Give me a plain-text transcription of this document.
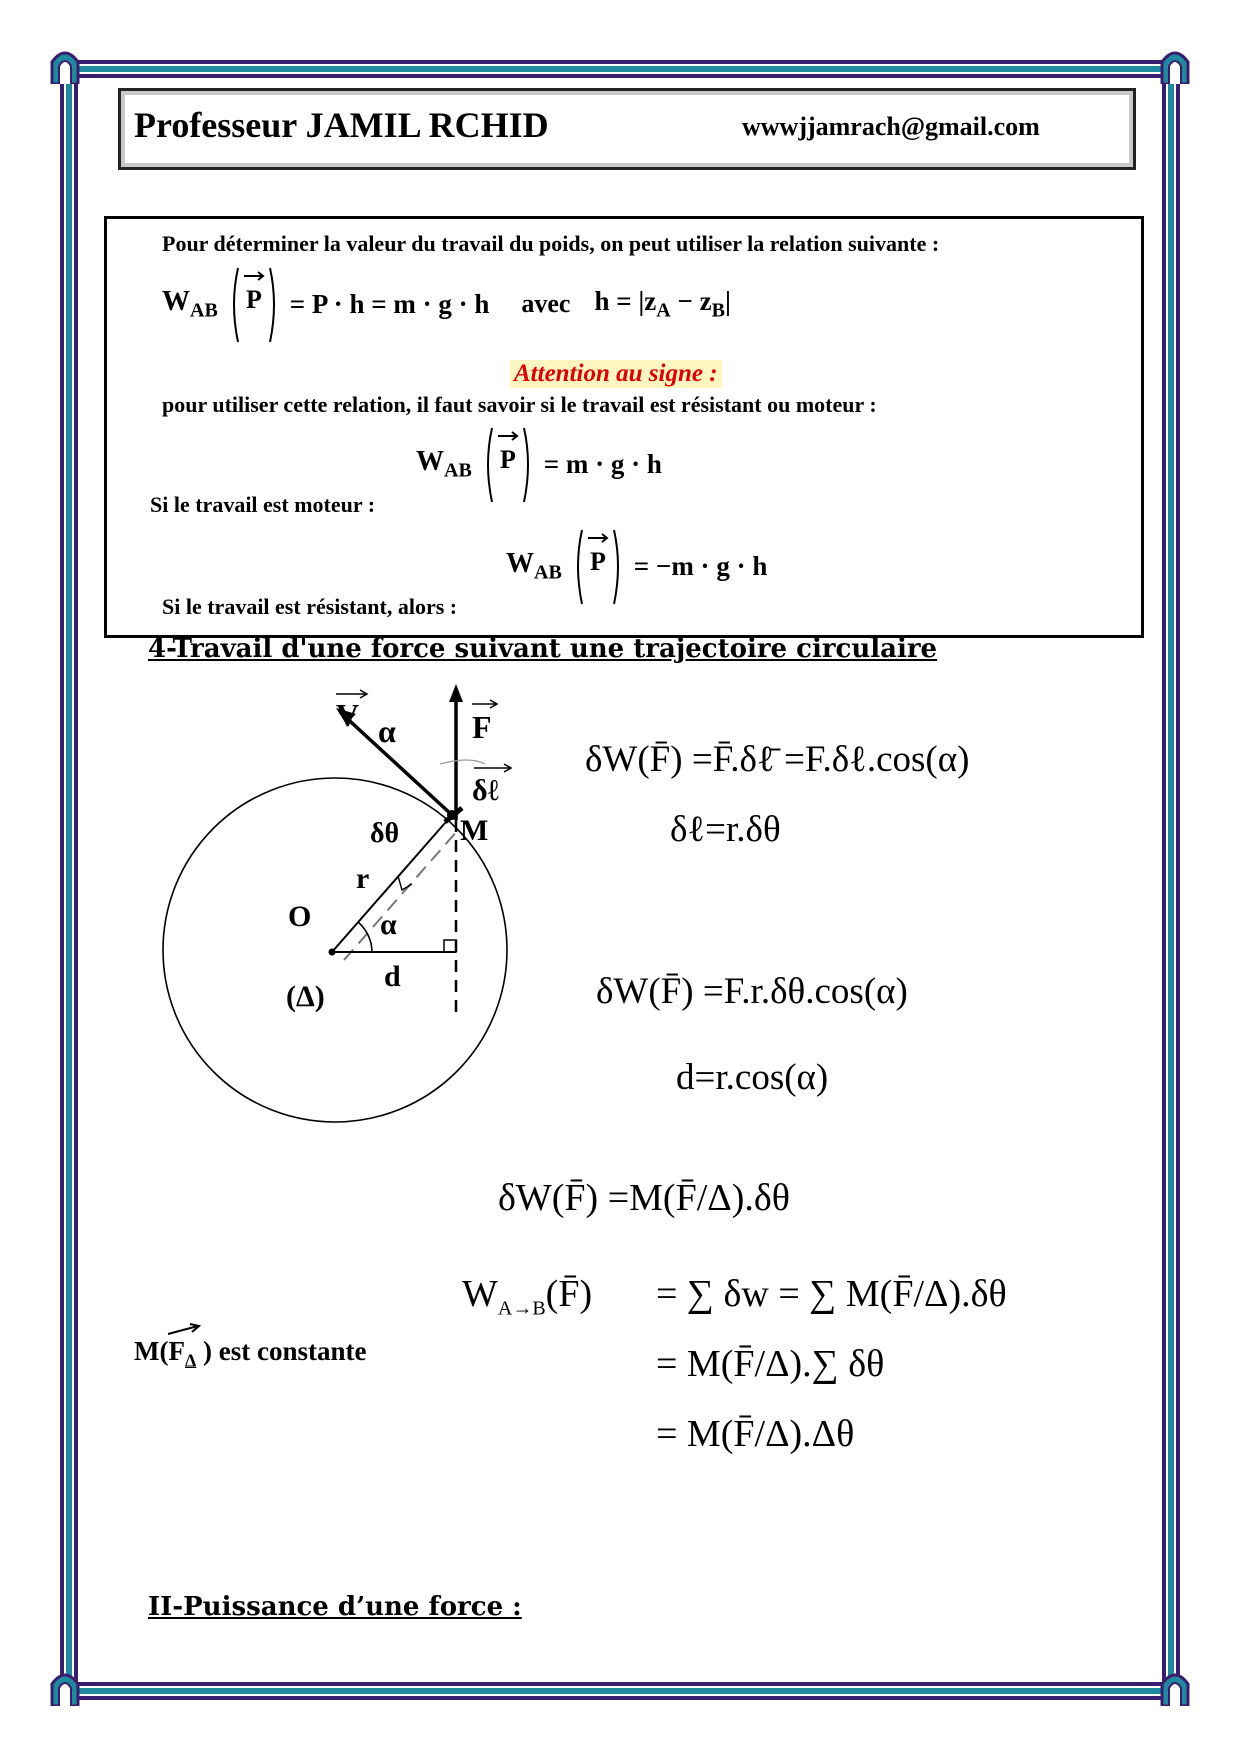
Professeur JAMIL RCHID	wwwjjamrach@gmail.com
Pour déterminer la valeur du travail du poids, on peut utiliser la relation suivante :
$W_{AB}$ P = P · h = m · g · h avec $h = |z_A - z_B|$
Attention au signe :
pour utiliser cette relation, il faut savoir si le travail est résistant ou moteur :
$W_{AB}$ P = m · g · h
Si le travail est moteur :
$W_{AB}$ P = −m · g · h
Si le travail est résistant, alors :
4-Travail d'une force suivant une trajectoire circulaire
V α F
δℓ
M
δθ
r
O α
d
(Δ)
δW(F̄) =F̄.δℓ̄ =F.δℓ.cos(α)
δℓ=r.δθ
δW(F̄) =F.r.δθ.cos(α)
d=r.cos(α)
δW(F̄) =M(F̄/Δ).δθ
$W_{A\to B}(F̄)$ = ∑ δw = ∑ M(F̄/Δ).δθ
= M(F̄/Δ).∑ δθ
= M(F̄/Δ).Δθ
M(
$F_\Delta$ ) est constante
II-Puissance d’une force :
